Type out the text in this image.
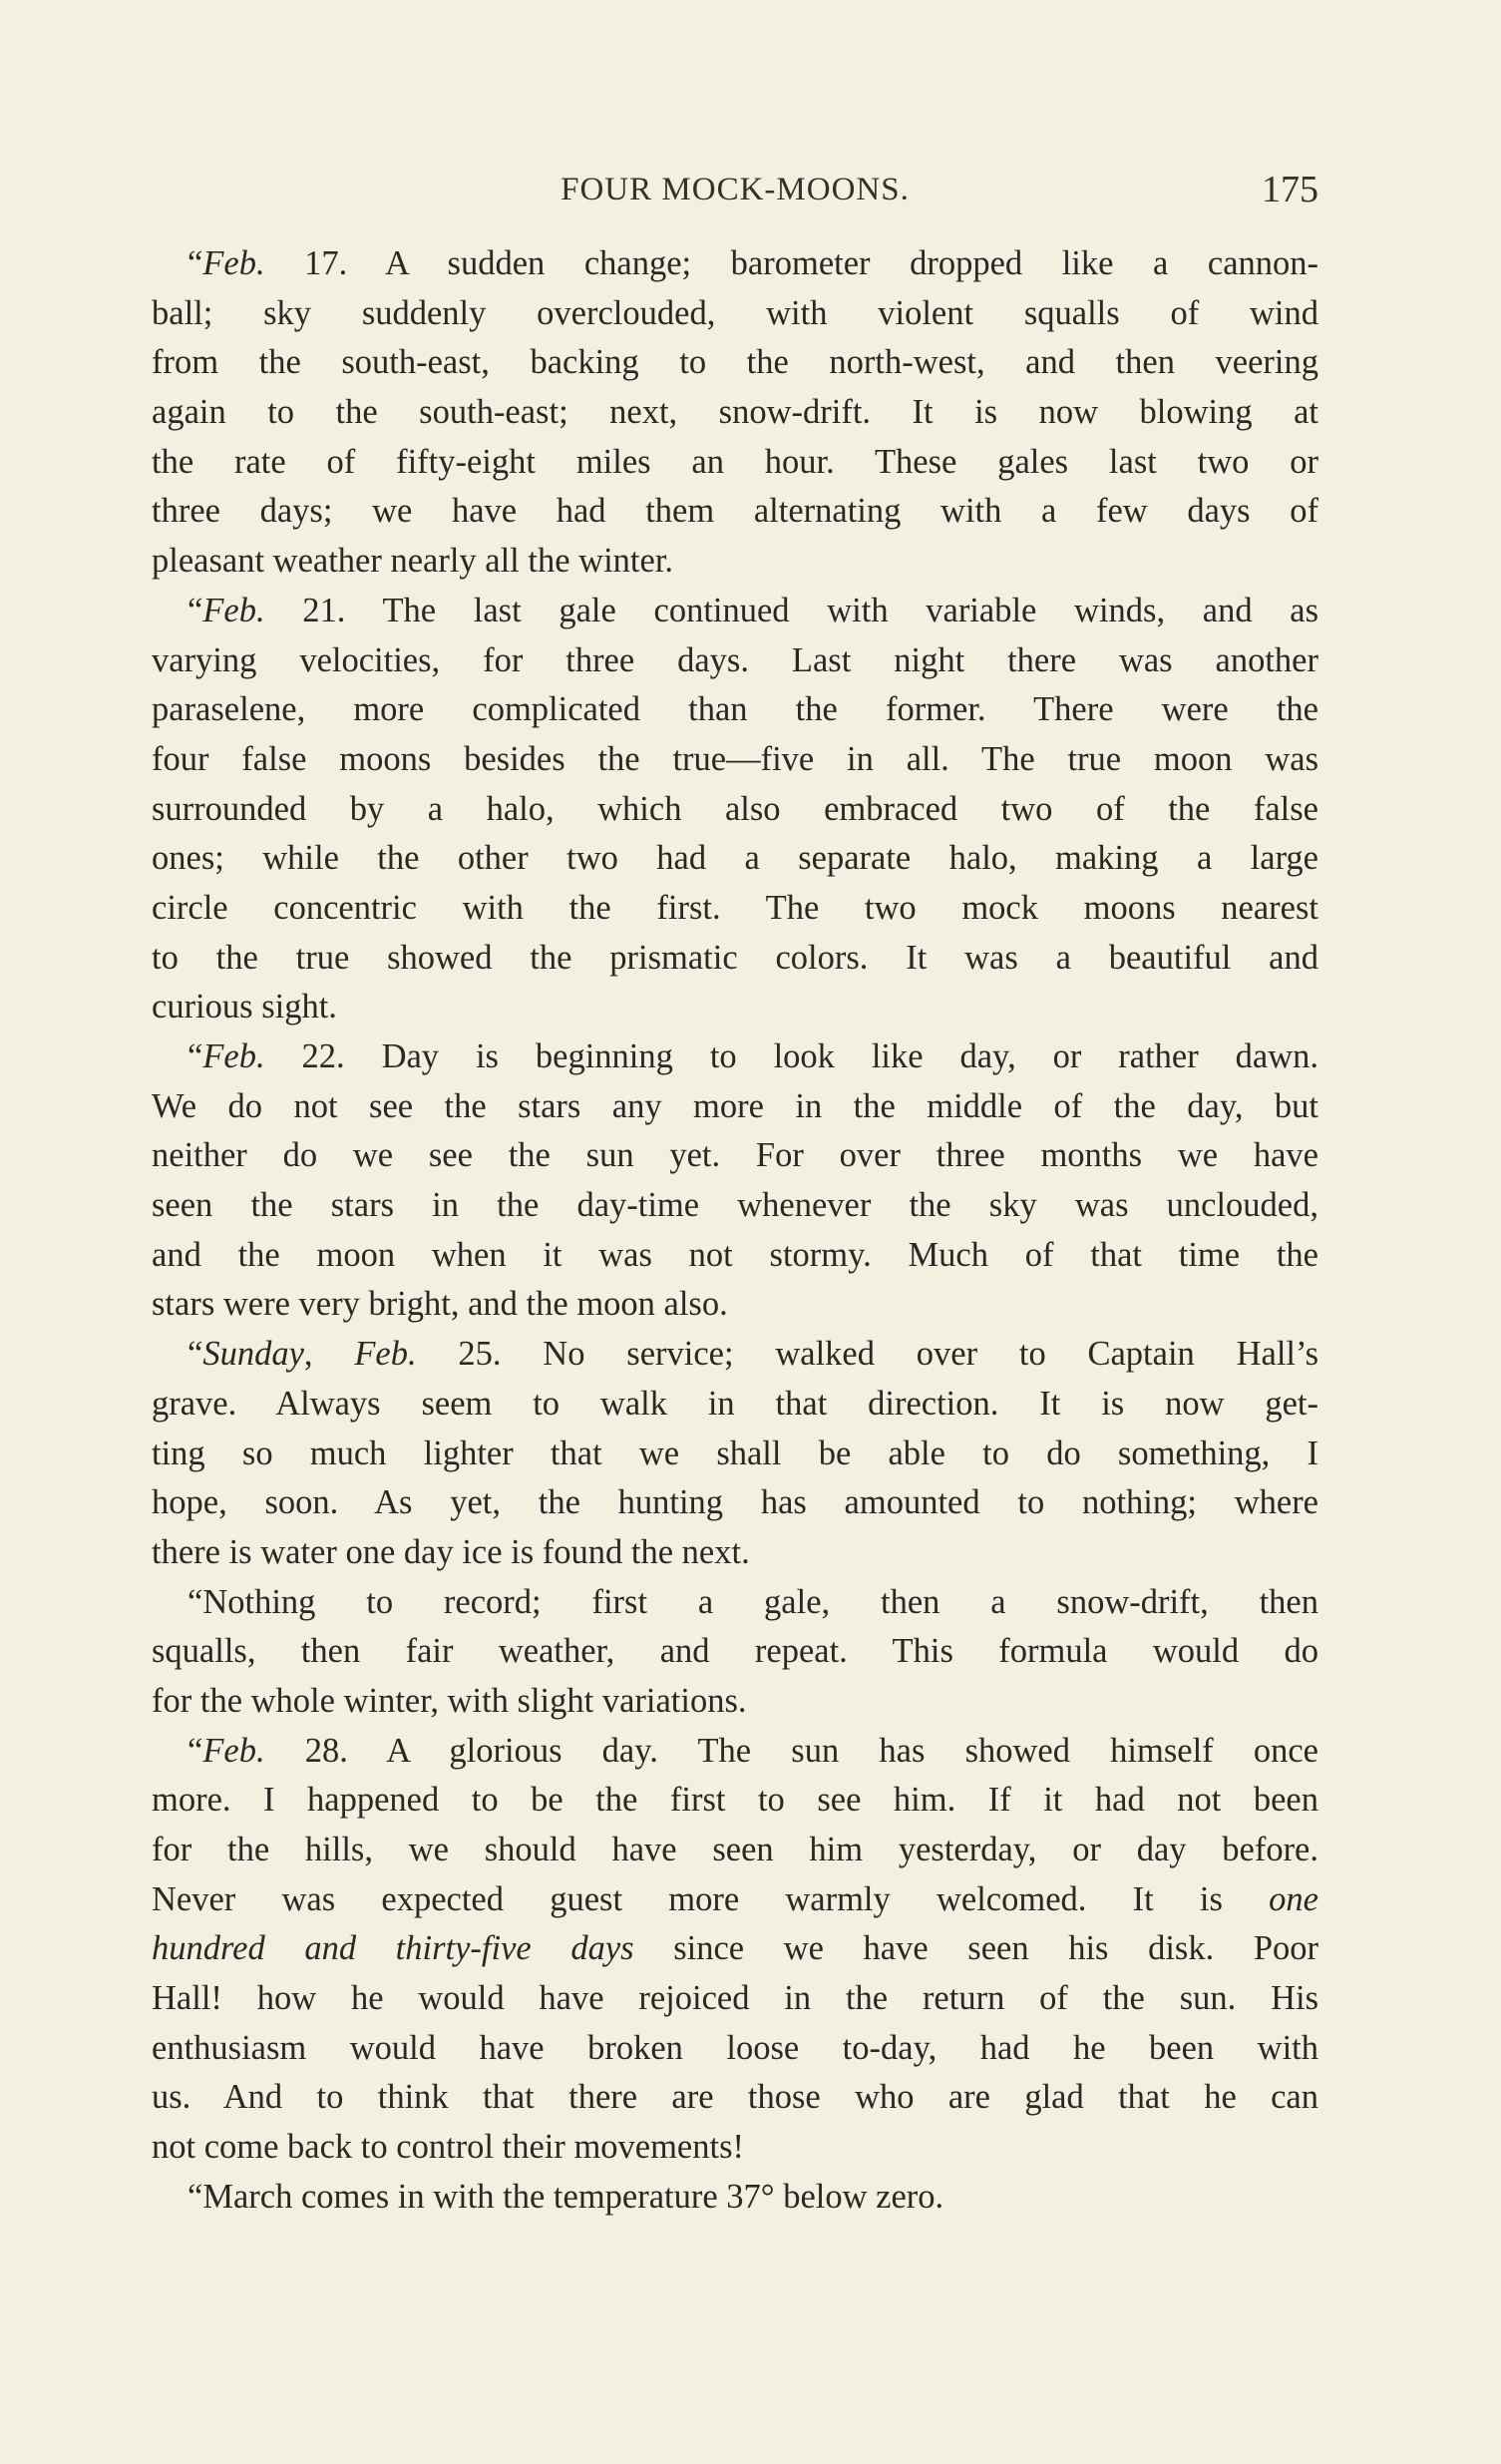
FOUR MOCK-MOONS.	175
“Feb. 17. A sudden change; barometer dropped like a cannon-
ball; sky suddenly overclouded, with violent squalls of wind
from the south-east, backing to the north-west, and then veering
again to the south-east; next, snow-drift. It is now blowing at
the rate of fifty-eight miles an hour. These gales last two or
three days; we have had them alternating with a few days of
pleasant weather nearly all the winter.
“Feb. 21. The last gale continued with variable winds, and as
varying velocities, for three days. Last night there was another
paraselene, more complicated than the former. There were the
four false moons besides the true—five in all. The true moon was
surrounded by a halo, which also embraced two of the false
ones; while the other two had a separate halo, making a large
circle concentric with the first. The two mock moons nearest
to the true showed the prismatic colors. It was a beautiful and
curious sight.
“Feb. 22. Day is beginning to look like day, or rather dawn.
We do not see the stars any more in the middle of the day, but
neither do we see the sun yet. For over three months we have
seen the stars in the day-time whenever the sky was unclouded,
and the moon when it was not stormy. Much of that time the
stars were very bright, and the moon also.
“Sunday, Feb. 25. No service; walked over to Captain Hall’s
grave. Always seem to walk in that direction. It is now get-
ting so much lighter that we shall be able to do something, I
hope, soon. As yet, the hunting has amounted to nothing; where
there is water one day ice is found the next.
“Nothing to record; first a gale, then a snow-drift, then
squalls, then fair weather, and repeat. This formula would do
for the whole winter, with slight variations.
“Feb. 28. A glorious day. The sun has showed himself once
more. I happened to be the first to see him. If it had not been
for the hills, we should have seen him yesterday, or day before.
Never was expected guest more warmly welcomed. It is one
hundred and thirty-five days since we have seen his disk. Poor
Hall! how he would have rejoiced in the return of the sun. His
enthusiasm would have broken loose to-day, had he been with
us. And to think that there are those who are glad that he can
not come back to control their movements!
“March comes in with the temperature 37° below zero.
